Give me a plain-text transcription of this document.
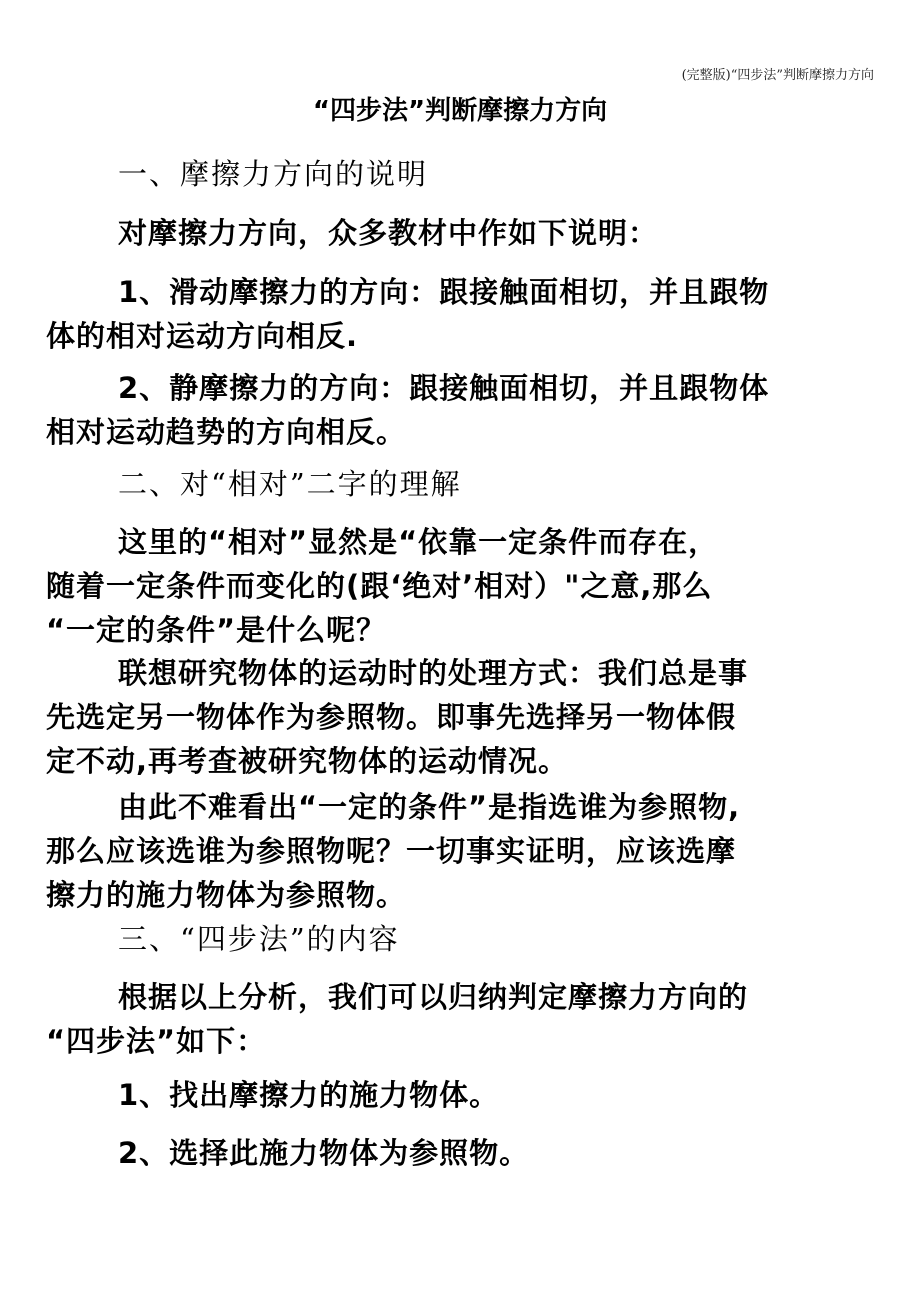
(完整版)“四步法”判断摩擦力方向
“四步法”判断摩擦力方向
一、摩擦力方向的说明
对摩擦力方向，众多教材中作如下说明：
1、滑动摩擦力的方向：跟接触面相切，并且跟物
体的相对运动方向相反.
2、静摩擦力的方向：跟接触面相切，并且跟物体
相对运动趋势的方向相反。
二、对“相对”二字的理解
这里的“相对”显然是“依靠一定条件而存在，
随着一定条件而变化的(跟‘绝对’相对）"之意,那么
“一定的条件”是什么呢？
联想研究物体的运动时的处理方式：我们总是事
先选定另一物体作为参照物。即事先选择另一物体假
定不动,再考查被研究物体的运动情况。
由此不难看出“一定的条件”是指选谁为参照物,
那么应该选谁为参照物呢？一切事实证明，应该选摩
擦力的施力物体为参照物。
三、“四步法”的内容
根据以上分析，我们可以归纳判定摩擦力方向的
“四步法”如下：
1、找出摩擦力的施力物体。
2、选择此施力物体为参照物。
